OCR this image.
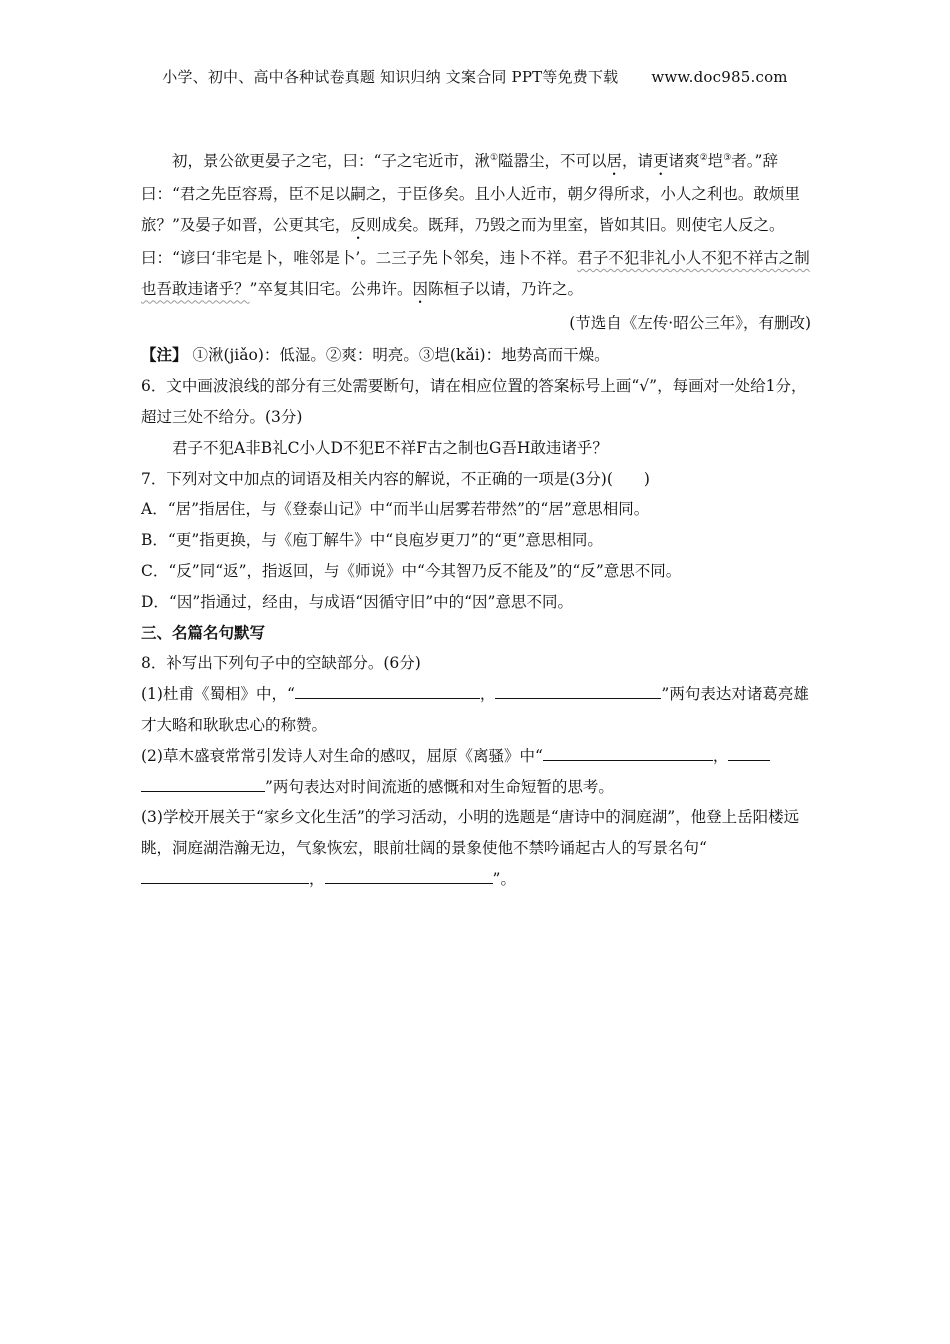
小学、初中、高中各种试卷真题 知识归纳 文案合同 PPT等免费下载 www.doc985.com

初，景公欲更晏子之宅，曰：“子之宅近市，湫①隘嚣尘，不可以居，请更诸爽②垲③者。”辞曰：“君之先臣容焉，臣不足以嗣之，于臣侈矣。且小人近市，朝夕得所求，小人之利也。敢烦里旅？”及晏子如晋，公更其宅，反则成矣。既拜，乃毁之而为里室，皆如其旧。则使宅人反之。曰：“谚曰‘非宅是卜，唯邻是卜’。二三子先卜邻矣，违卜不祥。君子不犯非礼小人不犯不祥古之制也吾敢违诸乎？”卒复其旧宅。公弗许。因陈桓子以请，乃许之。

(节选自《左传·昭公三年》，有删改)

【注】 ①湫(jiǎo)：低湿。②爽：明亮。③垲(kǎi)：地势高而干燥。

6．文中画波浪线的部分有三处需要断句，请在相应位置的答案标号上画“√”，每画对一处给1分，超过三处不给分。(3分)

君子不犯A非B礼C小人D不犯E不祥F古之制也G吾H敢违诸乎？

7．下列对文中加点的词语及相关内容的解说，不正确的一项是(3分)(　　)

A．“居”指居住，与《登泰山记》中“而半山居雾若带然”的“居”意思相同。

B．“更”指更换，与《庖丁解牛》中“良庖岁更刀”的“更”意思相同。

C．“反”同“返”，指返回，与《师说》中“今其智乃反不能及”的“反”意思不同。

D．“因”指通过，经由，与成语“因循守旧”中的“因”意思不同。

三、名篇名句默写

8．补写出下列句子中的空缺部分。(6分)

(1)杜甫《蜀相》中，“	，	”两句表达对诸葛亮雄才大略和耿耿忠心的称赞。

(2)草木盛衰常常引发诗人对生命的感叹，屈原《离骚》中“	，
”两句表达对时间流逝的感慨和对生命短暂的思考。

(3)学校开展关于“家乡文化生活”的学习活动，小明的选题是“唐诗中的洞庭湖”，他登上岳阳楼远眺，洞庭湖浩瀚无边，气象恢宏，眼前壮阔的景象使他不禁吟诵起古人的写景名句“，	”。
